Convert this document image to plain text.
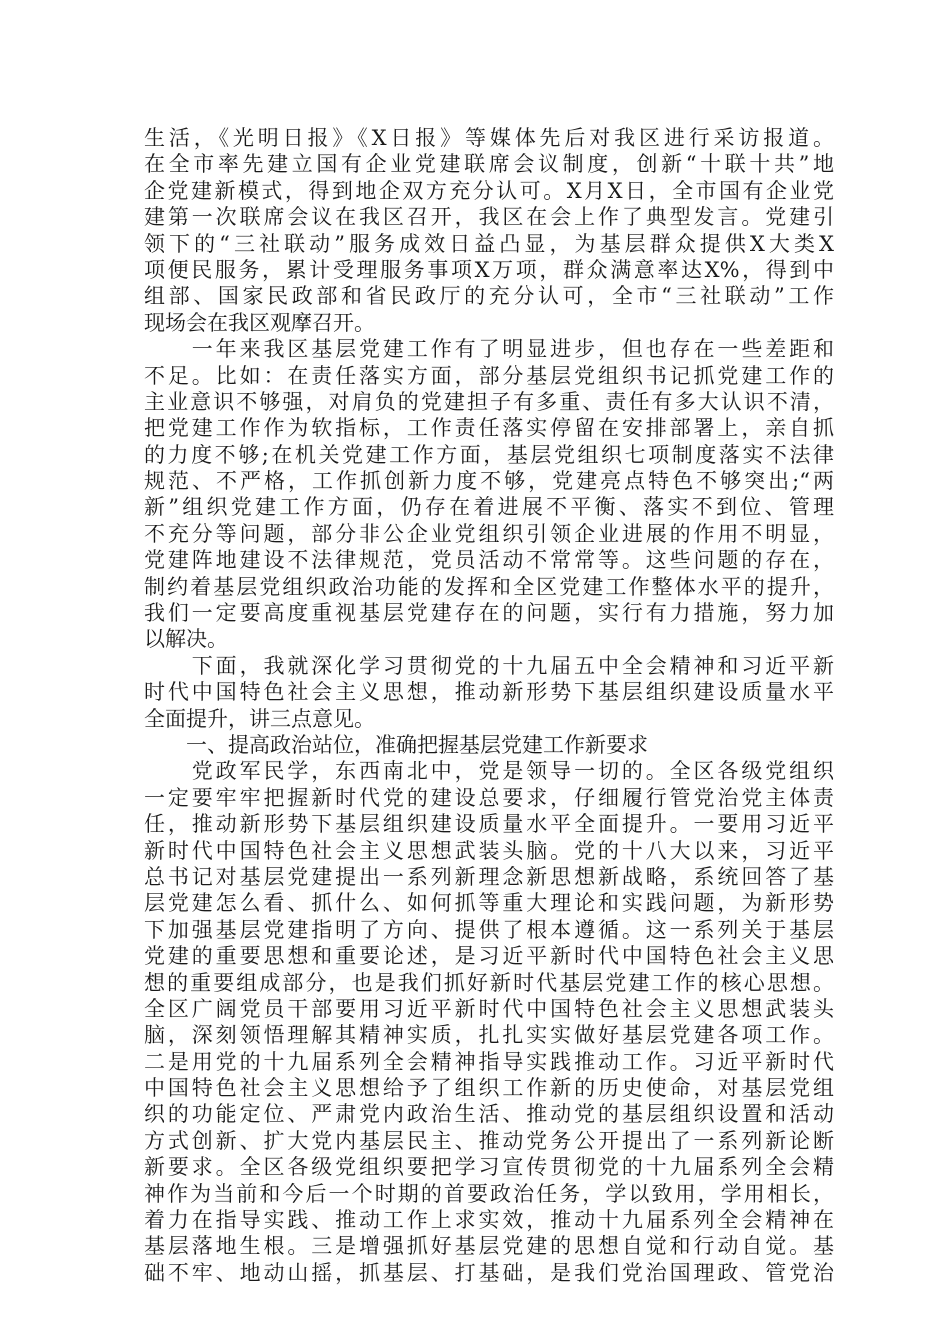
生活，《光明日报》《X日报》等媒体先后对我区进行采访报道。
在全市率先建立国有企业党建联席会议制度，创新“十联十共”地
企党建新模式，得到地企双方充分认可。X月X日，全市国有企业党
建第一次联席会议在我区召开，我区在会上作了典型发言。党建引
领下的“三社联动”服务成效日益凸显，为基层群众提供X大类X
项便民服务，累计受理服务事项X万项，群众满意率达X%，得到中
组部、国家民政部和省民政厅的充分认可，全市“三社联动”工作
现场会在我区观摩召开。
　　一年来我区基层党建工作有了明显进步，但也存在一些差距和
不足。比如：在责任落实方面，部分基层党组织书记抓党建工作的
主业意识不够强，对肩负的党建担子有多重、责任有多大认识不清，
把党建工作作为软指标，工作责任落实停留在安排部署上，亲自抓
的力度不够;在机关党建工作方面，基层党组织七项制度落实不法律
规范、不严格，工作抓创新力度不够，党建亮点特色不够突出;“两
新”组织党建工作方面，仍存在着进展不平衡、落实不到位、管理
不充分等问题，部分非公企业党组织引领企业进展的作用不明显，
党建阵地建设不法律规范，党员活动不常常等。这些问题的存在，
制约着基层党组织政治功能的发挥和全区党建工作整体水平的提升，
我们一定要高度重视基层党建存在的问题，实行有力措施，努力加
以解决。
　　下面，我就深化学习贯彻党的十九届五中全会精神和习近平新
时代中国特色社会主义思想，推动新形势下基层组织建设质量水平
全面提升，讲三点意见。
　　一、提高政治站位，准确把握基层党建工作新要求
　　党政军民学，东西南北中，党是领导一切的。全区各级党组织
一定要牢牢把握新时代党的建设总要求，仔细履行管党治党主体责
任，推动新形势下基层组织建设质量水平全面提升。一要用习近平
新时代中国特色社会主义思想武装头脑。党的十八大以来，习近平
总书记对基层党建提出一系列新理念新思想新战略，系统回答了基
层党建怎么看、抓什么、如何抓等重大理论和实践问题，为新形势
下加强基层党建指明了方向、提供了根本遵循。这一系列关于基层
党建的重要思想和重要论述，是习近平新时代中国特色社会主义思
想的重要组成部分，也是我们抓好新时代基层党建工作的核心思想。
全区广阔党员干部要用习近平新时代中国特色社会主义思想武装头
脑，深刻领悟理解其精神实质，扎扎实实做好基层党建各项工作。
二是用党的十九届系列全会精神指导实践推动工作。习近平新时代
中国特色社会主义思想给予了组织工作新的历史使命，对基层党组
织的功能定位、严肃党内政治生活、推动党的基层组织设置和活动
方式创新、扩大党内基层民主、推动党务公开提出了一系列新论断
新要求。全区各级党组织要把学习宣传贯彻党的十九届系列全会精
神作为当前和今后一个时期的首要政治任务，学以致用，学用相长，
着力在指导实践、推动工作上求实效，推动十九届系列全会精神在
基层落地生根。三是增强抓好基层党建的思想自觉和行动自觉。基
础不牢、地动山摇，抓基层、打基础，是我们党治国理政、管党治
